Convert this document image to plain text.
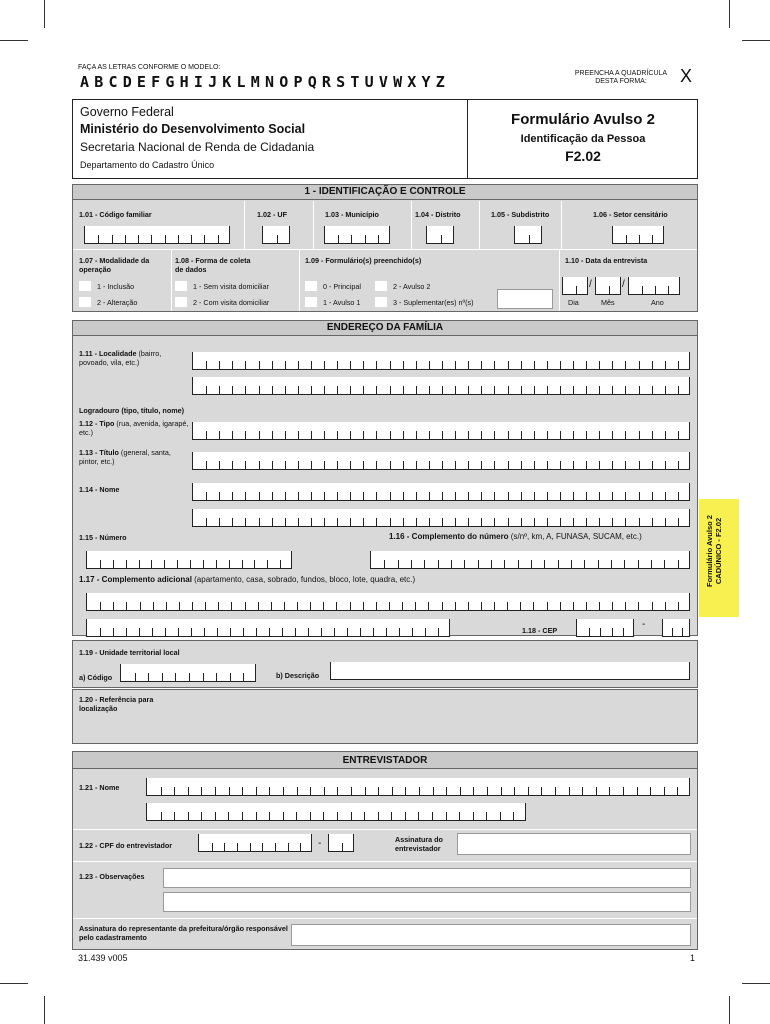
FAÇA AS LETRAS CONFORME O MODELO:
ABCDEFGHIJKLMNOPQRSTUVWXYZ	PREENCHA A QUADRÍCULA
DESTA FORMA:	X
Governo Federal
Ministério do Desenvolvimento Social
Secretaria Nacional de Renda de Cidadania
Departamento do Cadastro Único
Formulário Avulso 2
Identificação da Pessoa
F2.02
1 - IDENTIFICAÇÃO E CONTROLE
1.01 - Código familiar	1.02 - UF	1.03 - Município	1.04 - Distrito	1.05 - Subdistrito	1.06 - Setor censitário
1.07 - Modalidade da
operação
1 - Inclusão
2 - Alteração
1.08 - Forma de coleta
de dados
1 - Sem visita domiciliar
2 - Com visita domiciliar
1.09 - Formulário(s) preenchido(s)
0 - Principal	2 - Avulso 2
1 - Avulso 1	3 - Suplementar(es) nº(s)
1.10 - Data da entrevista
Dia	Mês	Ano
ENDEREÇO DA FAMÍLIA
1.11 - Localidade (bairro, povoado, vila, etc.)
Logradouro (tipo, título, nome)
1.12 - Tipo (rua, avenida, igarapé, etc.)
1.13 - Título (general, santa, pintor, etc.)
1.14 - Nome
1.15 - Número	1.16 - Complemento do número (s/nº, km, A, FUNASA, SUCAM, etc.)
1.17 - Complemento adicional (apartamento, casa, sobrado, fundos, bloco, lote, quadra, etc.)
1.18 - CEP
1.19 - Unidade territorial local
a) Código	b) Descrição
1.20 - Referência para localização
ENTREVISTADOR
1.21 - Nome
1.22 - CPF do entrevistador
Assinatura do entrevistador
1.23 - Observações
Assinatura do representante da prefeitura/órgão responsável pelo cadastramento
Formulário Avulso 2 CADÚNICO - F2.02
31.439 v005	1
/	/
-
-
